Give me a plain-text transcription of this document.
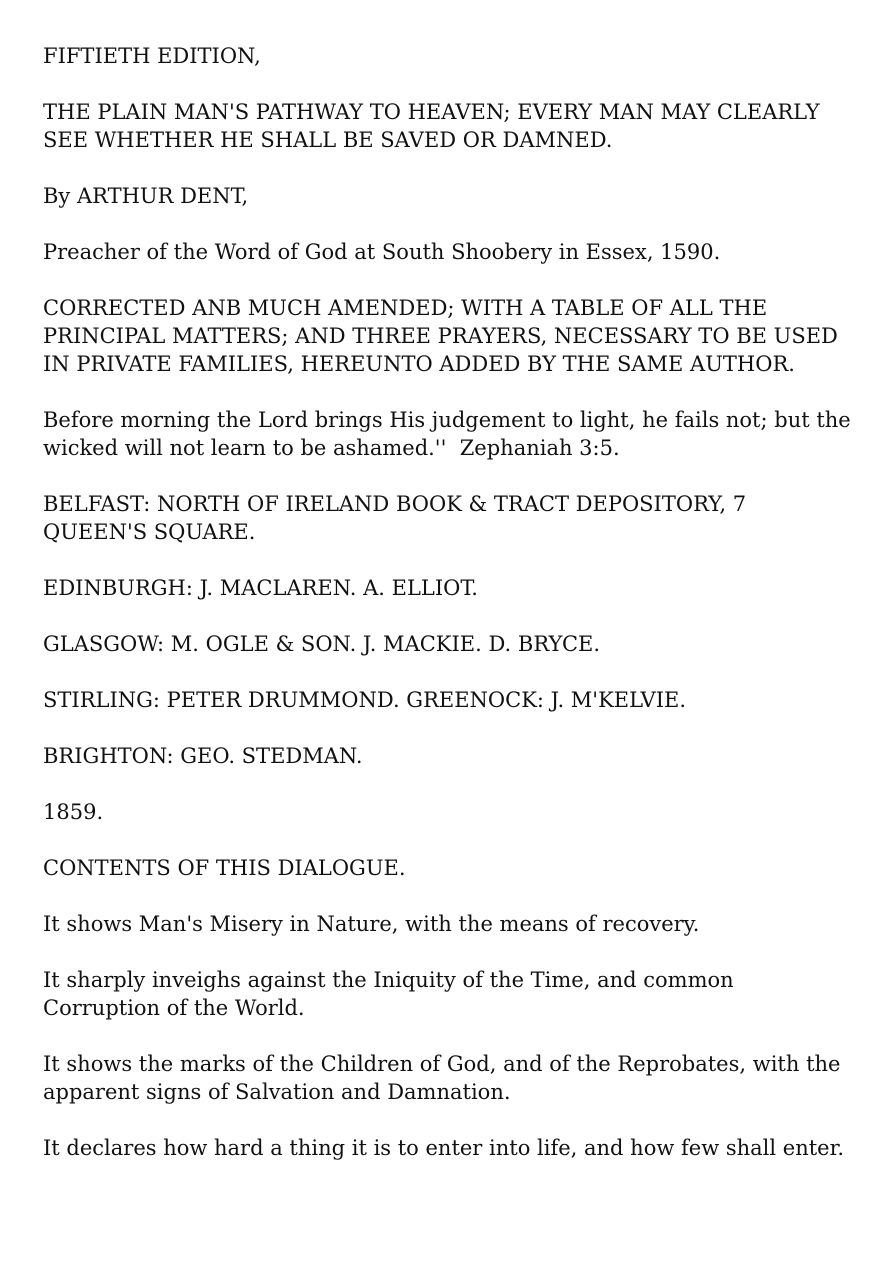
FIFTIETH EDITION,

THE PLAIN MAN'S PATHWAY TO HEAVEN; EVERY MAN MAY CLEARLY SEE WHETHER HE SHALL BE SAVED OR DAMNED.

By ARTHUR DENT,

Preacher of the Word of God at South Shoobery in Essex, 1590.

CORRECTED ANB MUCH AMENDED; WITH A TABLE OF ALL THE PRINCIPAL MATTERS; AND THREE PRAYERS, NECESSARY TO BE USED IN PRIVATE FAMILIES, HEREUNTO ADDED BY THE SAME AUTHOR.

Before morning the Lord brings His judgement to light, he fails not; but the wicked will not learn to be ashamed.''  Zephaniah 3:5.

BELFAST: NORTH OF IRELAND BOOK & TRACT DEPOSITORY, 7 QUEEN'S SQUARE.

EDINBURGH: J. MACLAREN. A. ELLIOT.

GLASGOW: M. OGLE & SON. J. MACKIE. D. BRYCE.

STIRLING: PETER DRUMMOND. GREENOCK: J. M'KELVIE.

BRIGHTON: GEO. STEDMAN.

1859.

CONTENTS OF THIS DIALOGUE.

It shows Man's Misery in Nature, with the means of recovery.

It sharply inveighs against the Iniquity of the Time, and common Corruption of the World.

It shows the marks of the Children of God, and of the Reprobates, with the apparent signs of Salvation and Damnation.

It declares how hard a thing it is to enter into life, and how few shall enter.
